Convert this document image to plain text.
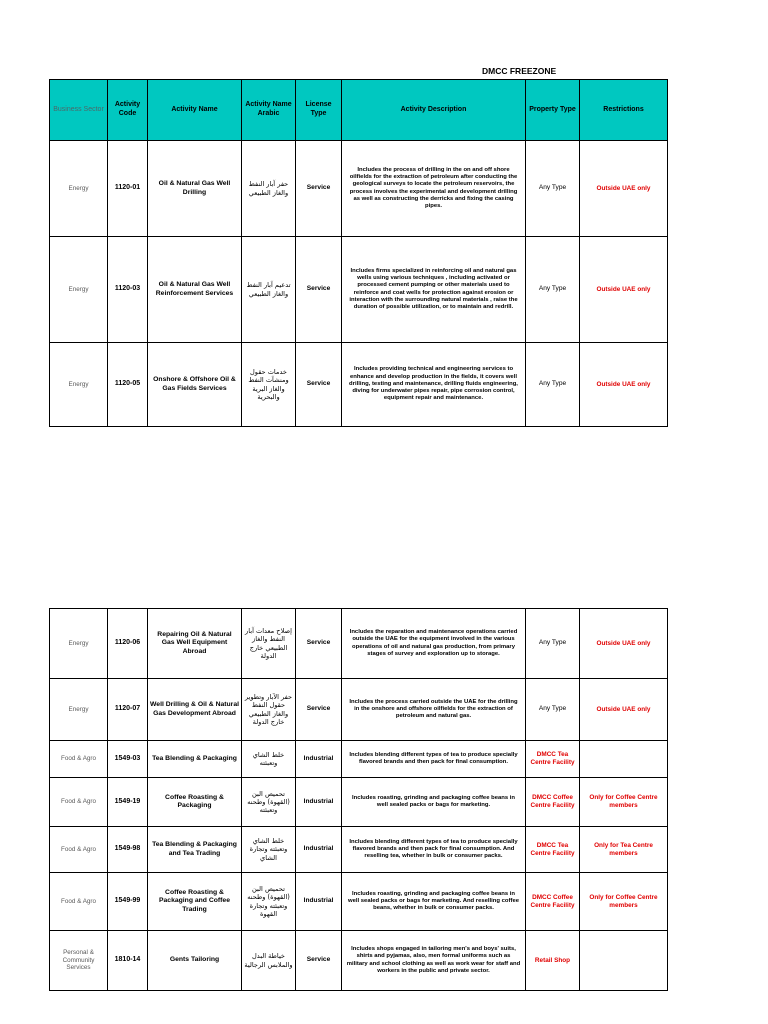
DMCC FREEZONE
Business Sector	Activity Code	Activity Name	Activity Name Arabic	License Type	Activity Description	Property Type	Restrictions
Energy	1120-01	Oil & Natural Gas Well Drilling	حفر آبار النفط والغاز الطبيعي	Service	Includes the process of drilling in the on and off shore oilfields for the extraction of petroleum after conducting the geological surveys to locate the petroleum reservoirs, the process involves the experimental and development drilling as well as constructing the derricks and fixing the casing pipes.	Any Type	Outside UAE only
Energy	1120-03	Oil & Natural Gas Well Reinforcement Services	تدعيم آبار النفط والغاز الطبيعي	Service	Includes firms specialized in reinforcing oil and natural gas wells using various techniques , including activated or processed cement pumping or other materials used to reinforce and coat wells for protection against erosion or interaction with the surrounding natural materials , raise the duration of possible utilization, or to maintain and redrill.	Any Type	Outside UAE only
Energy	1120-05	Onshore & Offshore Oil & Gas Fields Services	خدمات حقول ومنشآت النفط والغاز البرية والبحرية	Service	Includes providing technical and engineering services to enhance and develop production in the fields, it covers well drilling, testing and maintenance, drilling fluids engineering, diving for underwater pipes repair, pipe corrosion control, equipment repair and maintenance.	Any Type	Outside UAE only
Energy	1120-06	Repairing Oil & Natural Gas Well Equipment Abroad	إصلاح معدات آبار النفط والغاز الطبيعي خارج الدولة	Service	Includes the reparation and maintenance operations carried outside the UAE for the equipment involved in the various operations of oil and natural gas production, from primary stages of survey and exploration up to storage.	Any Type	Outside UAE only
Energy	1120-07	Well Drilling & Oil & Natural Gas Development Abroad	حفر الآبار وتطوير حقول النفط والغاز الطبيعي خارج الدولة	Service	Includes the process carried outside the UAE for the drilling in the onshore and offshore oilfields for the extraction of petroleum and natural gas.	Any Type	Outside UAE only
Food & Agro	1549-03	Tea Blending & Packaging	خلط الشاي وتعبئته	Industrial	Includes blending different types of tea to produce specially flavored brands and then pack for final consumption.	DMCC Tea Centre Facility	
Food & Agro	1549-19	Coffee Roasting & Packaging	تحميص البن (القهوة) وطحنه وتعبئته	Industrial	Includes roasting, grinding and packaging coffee beans in well sealed packs or bags for marketing.	DMCC Coffee Centre Facility	Only for Coffee Centre members
Food & Agro	1549-98	Tea Blending & Packaging and Tea Trading	خلط الشاي وتعبئته وتجارة الشاي	Industrial	Includes blending different types of tea to produce specially flavored brands and then pack for final consumption. And reselling tea, whether in bulk or consumer packs.	DMCC Tea Centre Facility	Only for Tea Centre members
Food & Agro	1549-99	Coffee Roasting & Packaging and Coffee Trading	تحميص البن (القهوة) وطحنه وتعبئته وتجارة القهوة	Industrial	Includes roasting, grinding and packaging coffee beans in well sealed packs or bags for marketing. And reselling coffee beans, whether in bulk or consumer packs.	DMCC Coffee Centre Facility	Only for Coffee Centre members
Personal & Community Services	1810-14	Gents Tailoring	خياطة البدل والملابس الرجالية	Service	Includes shops engaged in tailoring men's and boys' suits, shirts and pyjamas, also, men formal uniforms such as military and school clothing as well as work wear for staff and workers in the public and private sector.	Retail Shop	
